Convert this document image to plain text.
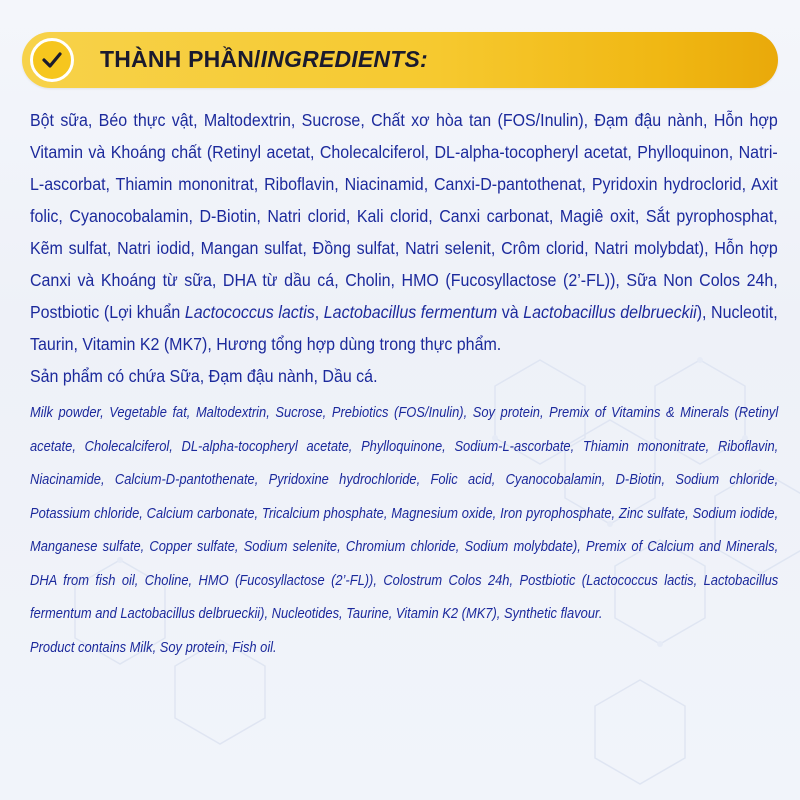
THÀNH PHẦN/INGREDIENTS:

Bột sữa, Béo thực vật, Maltodextrin, Sucrose, Chất xơ hòa tan (FOS/Inulin), Đạm đậu nành, Hỗn hợp Vitamin và Khoáng chất (Retinyl acetat, Cholecalciferol, DL-alpha-tocopheryl acetat, Phylloquinon, Natri-L-ascorbat, Thiamin mononitrat, Riboflavin, Niacinamid, Canxi-D-pantothenat, Pyridoxin hydroclorid, Axit folic, Cyanocobalamin, D-Biotin, Natri clorid, Kali clorid, Canxi carbonat, Magiê oxit, Sắt pyrophosphat, Kẽm sulfat, Natri iodid, Mangan sulfat, Đồng sulfat, Natri selenit, Crôm clorid, Natri molybdat), Hỗn hợp Canxi và Khoáng từ sữa, DHA từ dầu cá, Cholin, HMO (Fucosyllactose (2’-FL)), Sữa Non Colos 24h, Postbiotic (Lợi khuẩn Lactococcus lactis, Lactobacillus fermentum và Lactobacillus delbrueckii), Nucleotit, Taurin, Vitamin K2 (MK7), Hương tổng hợp dùng trong thực phẩm.

Sản phẩm có chứa Sữa, Đạm đậu nành, Dầu cá.

Milk powder, Vegetable fat, Maltodextrin, Sucrose, Prebiotics (FOS/Inulin), Soy protein, Premix of Vitamins & Minerals (Retinyl acetate, Cholecalciferol, DL-alpha-tocopheryl acetate, Phylloquinone, Sodium-L-ascorbate, Thiamin mononitrate, Riboflavin, Niacinamide, Calcium-D-pantothenate, Pyridoxine hydrochloride, Folic acid, Cyanocobalamin, D-Biotin, Sodium chloride, Potassium chloride, Calcium carbonate, Tricalcium phosphate, Magnesium oxide, Iron pyrophosphate, Zinc sulfate, Sodium iodide, Manganese sulfate, Copper sulfate, Sodium selenite, Chromium chloride, Sodium molybdate), Premix of Calcium and Minerals, DHA from fish oil, Choline, HMO (Fucosyllactose (2’-FL)), Colostrum Colos 24h, Postbiotic (Lactococcus lactis, Lactobacillus fermentum and Lactobacillus delbrueckii), Nucleotides, Taurine, Vitamin K2 (MK7), Synthetic flavour.

Product contains Milk, Soy protein, Fish oil.
